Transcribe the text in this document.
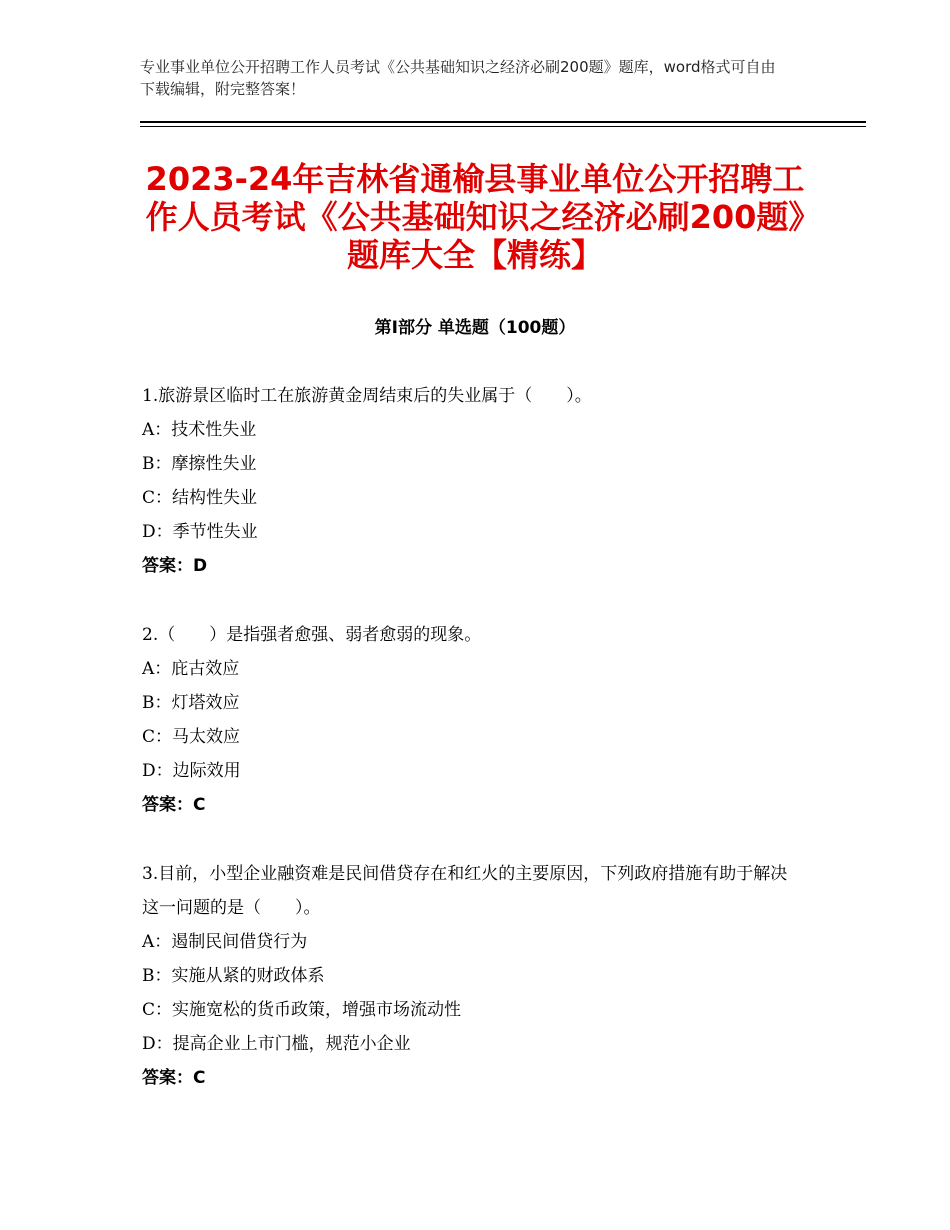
专业事业单位公开招聘工作人员考试《公共基础知识之经济必刷200题》题库，word格式可自由下载编辑，附完整答案！
2023-24年吉林省通榆县事业单位公开招聘工作人员考试《公共基础知识之经济必刷200题》题库大全【精练】
第Ⅰ部分 单选题（100题）

1.旅游景区临时工在旅游黄金周结束后的失业属于（　　）。

A：技术性失业

B：摩擦性失业

C：结构性失业

D：季节性失业

答案：D

2.（　　）是指强者愈强、弱者愈弱的现象。

A：庇古效应

B：灯塔效应

C：马太效应

D：边际效用

答案：C

3.目前，小型企业融资难是民间借贷存在和红火的主要原因，下列政府措施有助于解决这一问题的是（　　）。

A：遏制民间借贷行为

B：实施从紧的财政体系

C：实施宽松的货币政策，增强市场流动性

D：提高企业上市门槛，规范小企业

答案：C
